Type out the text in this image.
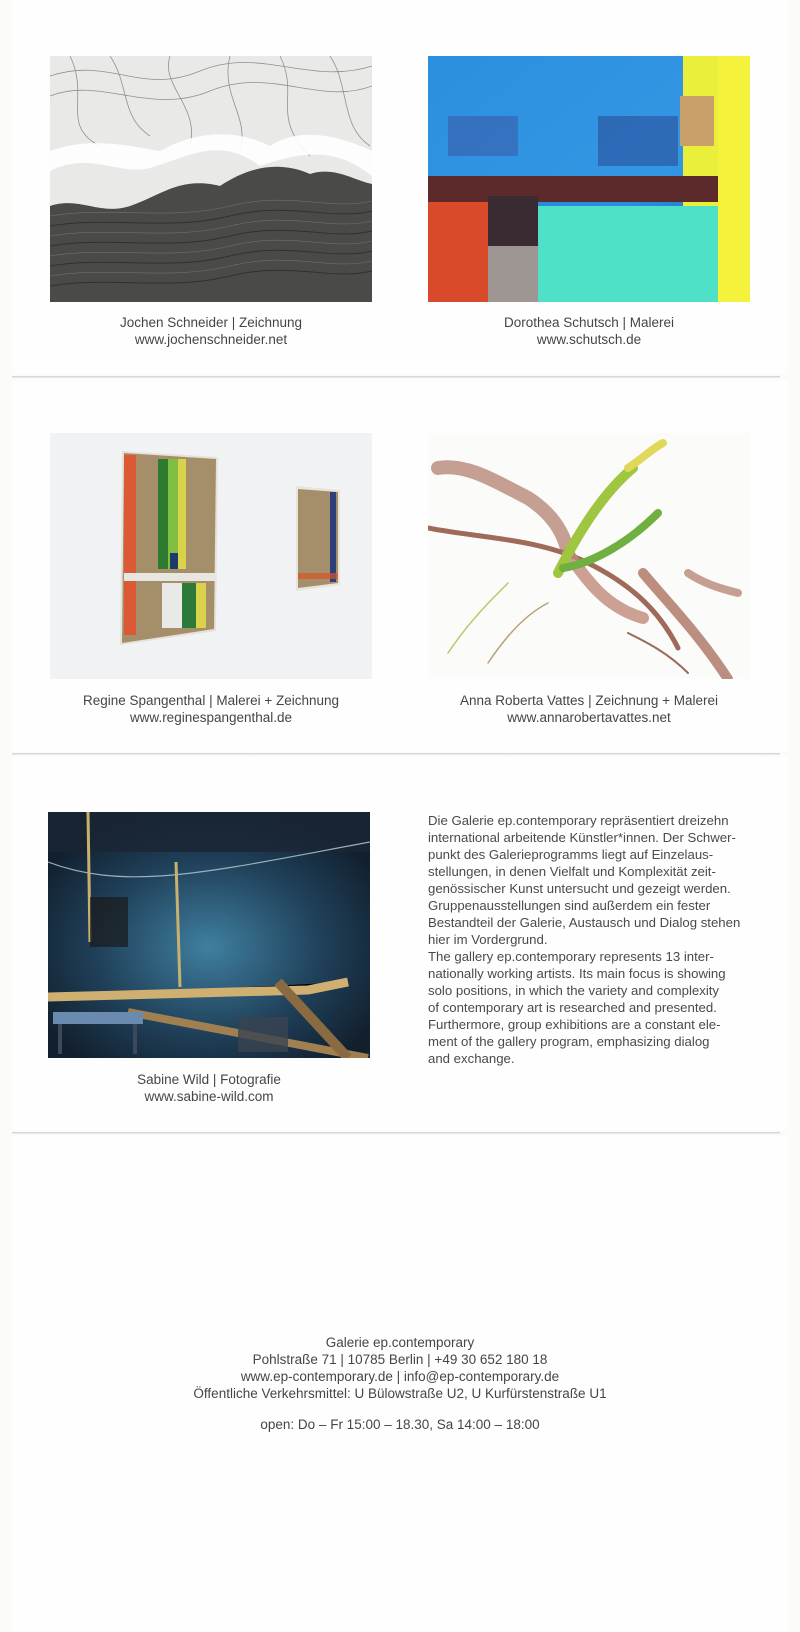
Jochen Schneider | Zeichnung
www.jochenschneider.net
Dorothea Schutsch | Malerei
www.schutsch.de
Regine Spangenthal | Malerei + Zeichnung
www.reginespangenthal.de
Anna Roberta Vattes | Zeichnung + Malerei
www.annarobertavattes.net
Sabine Wild | Fotografie
www.sabine-wild.com

Die Galerie ep.contemporary repräsentiert dreizehn
international arbeitende Künstler*innen. Der Schwer-
punkt des Galerieprogramms liegt auf Einzelaus-
stellungen, in denen Vielfalt und Komplexität zeit-
genössischer Kunst untersucht und gezeigt werden.
Gruppenausstellungen sind außerdem ein fester
Bestandteil der Galerie, Austausch und Dialog stehen
hier im Vordergrund.

The gallery ep.contemporary represents 13 inter-
nationally working artists. Its main focus is showing
solo positions, in which the variety and complexity
of contemporary art is researched and presented.
Furthermore, group exhibitions are a constant ele-
ment of the gallery program, emphasizing dialog
and exchange.

Galerie ep.contemporary
Pohlstraße 71 | 10785 Berlin | +49 30 652 180 18
www.ep-contemporary.de | info@ep-contemporary.de
Öffentliche Verkehrsmittel: U Bülowstraße U2, U Kurfürstenstraße U1
open: Do – Fr 15:00 – 18.30, Sa 14:00 – 18:00
